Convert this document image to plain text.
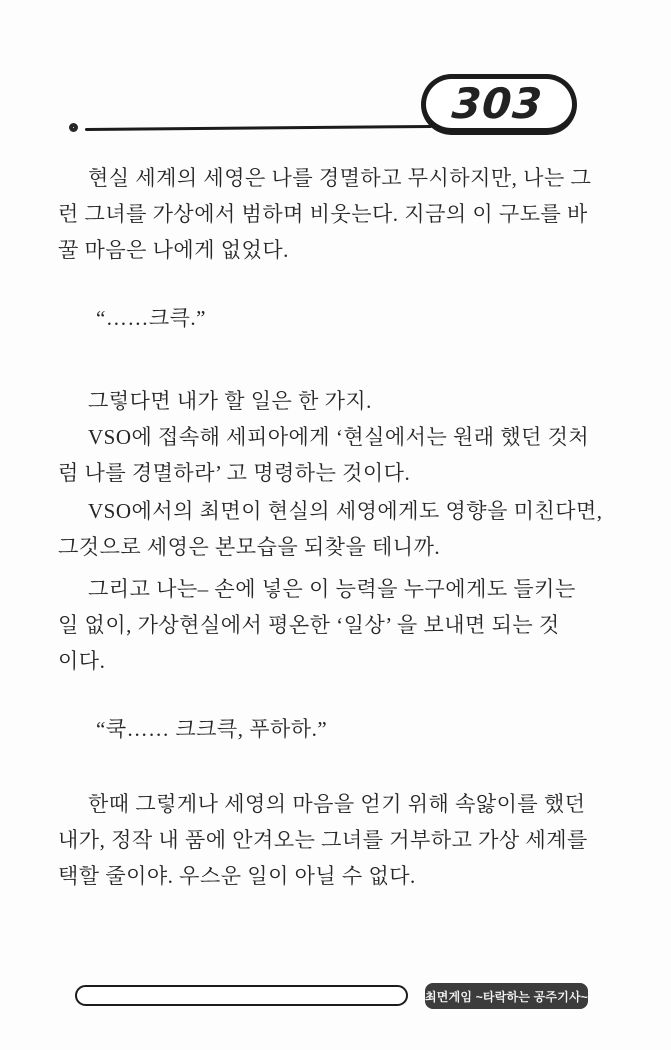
303

현실 세계의 세영은 나를 경멸하고 무시하지만, 나는 그
런 그녀를 가상에서 범하며 비웃는다. 지금의 이 구도를 바
꿀 마음은 나에게 없었다.

“……크큭.”

그렇다면 내가 할 일은 한 가지.

VSO에 접속해 세피아에게 ‘현실에서는 원래 했던 것처
럼 나를 경멸하라’ 고 명령하는 것이다.

VSO에서의 최면이 현실의 세영에게도 영향을 미친다면,
그것으로 세영은 본모습을 되찾을 테니까.

그리고 나는– 손에 넣은 이 능력을 누구에게도 들키는
일 없이, 가상현실에서 평온한 ‘일상’ 을 보내면 되는 것
이다.

“쿡…… 크크큭, 푸하하.”

한때 그렇게나 세영의 마음을 얻기 위해 속앓이를 했던
내가, 정작 내 품에 안겨오는 그녀를 거부하고 가상 세계를
택할 줄이야. 우스운 일이 아닐 수 없다.

최면게임 ~타락하는 공주기사~
